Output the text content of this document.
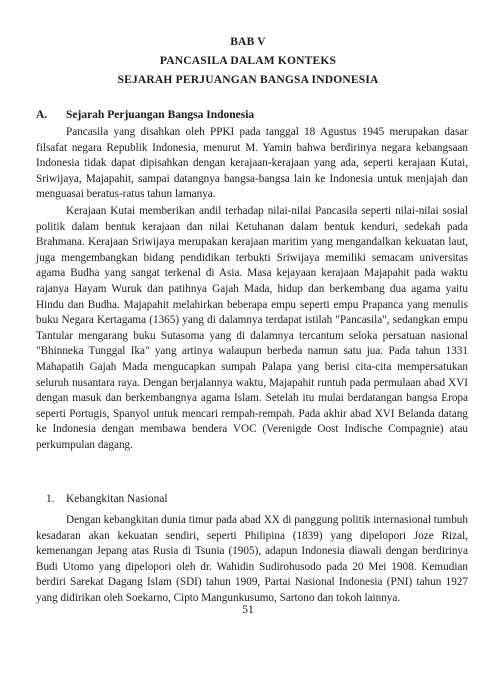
BAB V
PANCASILA DALAM KONTEKS
SEJARAH PERJUANGAN BANGSA INDONESIA
A. Sejarah Perjuangan Bangsa Indonesia

Pancasila yang disahkan oleh PPKI pada tanggal 18 Agustus 1945 merupakan dasar filsafat negara Republik Indonesia, menurut M. Yamin bahwa berdirinya negara kebangsaan Indonesia tidak dapat dipisahkan dengan kerajaan-kerajaan yang ada, seperti kerajaan Kutai, Sriwijaya, Majapahit, sampai datangnya bangsa-bangsa lain ke Indonesia untuk menjajah dan menguasai beratus-ratus tahun lamanya.

Kerajaan Kutai memberikan andil terhadap nilai-nilai Pancasila seperti nilai-nilai sosial politik dalam bentuk kerajaan dan nilai Ketuhanan dalam bentuk kenduri, sedekah pada Brahmana. Kerajaan Sriwijaya merupakan kerajaan maritim yang mengandalkan kekuatan laut, juga mengembangkan bidang pendidikan terbukti Sriwijaya memiliki semacam universitas agama Budha yang sangat terkenal di Asia. Masa kejayaan kerajaan Majapahit pada waktu rajanya Hayam Wuruk dan patihnya Gajah Mada, hidup dan berkembang dua agama yaitu Hindu dan Budha. Majapahit melahirkan beberapa empu seperti empu Prapanca yang menulis buku Negara Kertagama (1365) yang di dalamnya terdapat istilah "Pancasila", sedangkan empu Tantular mengarang buku Sutasoma yang di dalamnya tercantum seloka persatuan nasional "Bhinneka Tunggal Ika" yang artinya walaupun berbeda namun satu jua. Pada tahun 1331 Mahapatih Gajah Mada mengucapkan sumpah Palapa yang berisi cita-cita mempersatukan seluruh nusantara raya. Dengan berjalannya waktu, Majapahit runtuh pada permulaan abad XVI dengan masuk dan berkembangnya agama Islam. Setelah itu mulai berdatangan bangsa Eropa seperti Portugis, Spanyol untuk mencari rempah-rempah. Pada akhir abad XVI Belanda datang ke Indonesia dengan membawa bendera VOC (Verenigde Oost Indische Compagnie) atau perkumpulan dagang.

1. Kebangkitan Nasional

Dengan kebangkitan dunia timur pada abad XX di panggung politik internasional tumbuh kesadaran akan kekuatan sendiri, seperti Philipina (1839) yang dipelopori Joze Rizal, kemenangan Jepang atas Rusia di Tsunia (1905), adapun Indonesia diawali dengan berdirinya Budi Utomo yang dipelopori oleh dr. Wahidin Sudirohusodo pada 20 Mei 1908. Kemudian berdiri Sarekat Dagang Islam (SDI) tahun 1909, Partai Nasional Indonesia (PNI) tahun 1927 yang didirikan oleh Soekarno, Cipto Mangunkusumo, Sartono dan tokoh lainnya.

51
